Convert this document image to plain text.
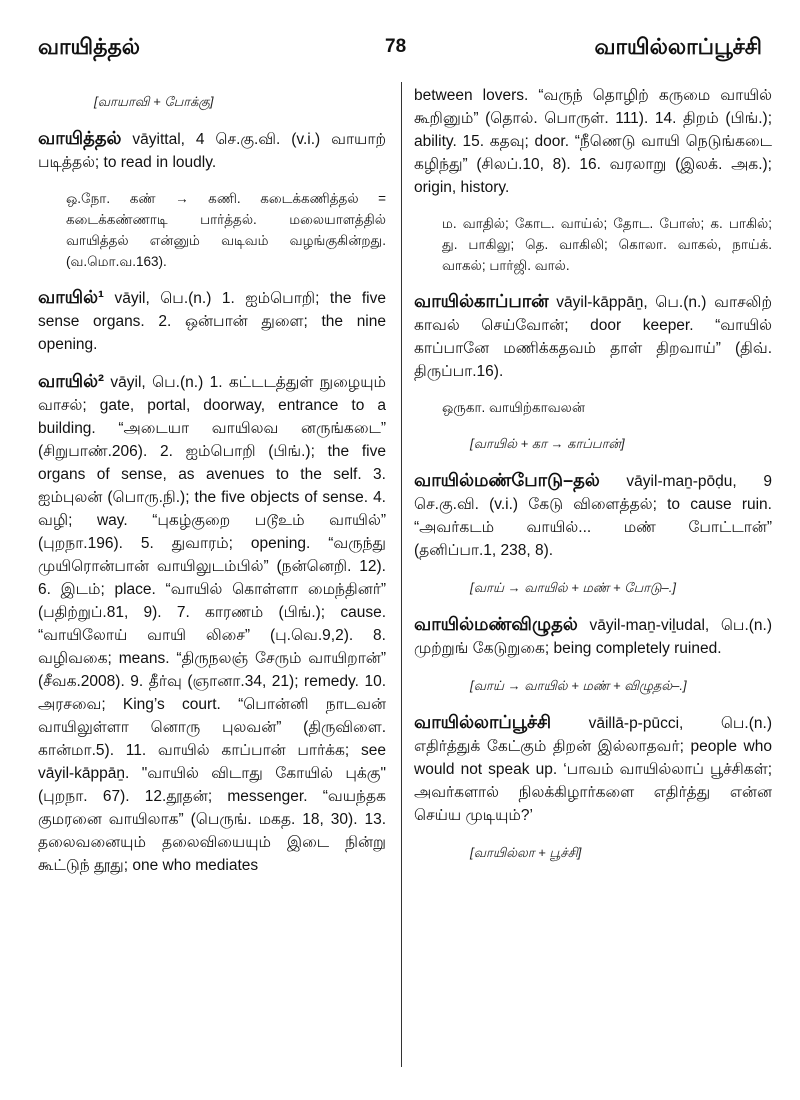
வாயித்தல்	78	வாயில்லாப்பூச்சி
[வாயாவி + போக்கு]
வாயித்தல் vāyittal, 4 செ.கு.வி. (v.i.) வாயாற் படித்தல்; to read in loudly.
ஒ.நோ. கண் → கணி. கடைக்கணித்தல் = கடைக்கண்ணாடி பார்த்தல். மலையாளத்தில் வாயித்தல் என்னும் வடிவம் வழங்குகின்றது. (வ.மொ.வ.163).
வாயில்¹ vāyil, பெ.(n.) 1. ஐம்பொறி; the five sense organs. 2. ஒன்பான் துளை; the nine opening.
வாயில்² vāyil, பெ.(n.) 1. கட்டடத்துள் நுழையும் வாசல்; gate, portal, doorway, entrance to a building. “அடையா வாயிலவ னருங்கடை” (சிறுபாண்.206). 2. ஐம்பொறி (பிங்.); the five organs of sense, as avenues to the self. 3. ஐம்புலன் (பொரு.நி.); the five objects of sense. 4. வழி; way. “புகழ்குறை படூஉம் வாயில்” (புறநா.196). 5. துவாரம்; opening. “வருந்து முயிரொன்பான் வாயிலுடம்பில்” (நன்னெறி. 12). 6. இடம்; place. “வாயில் கொள்ளா மைந்தினர்” (பதிற்றுப்.81, 9). 7. காரணம் (பிங்.); cause. “வாயிலோய் வாயி லிசை” (பு.வெ.9,2). 8. வழிவகை; means. “திருநலஞ் சேரும் வாயிறான்” (சீவக.2008). 9. தீர்வு (ஞானா.34, 21); remedy. 10. அரசவை; King’s court. “பொன்னி நாடவன் வாயிலுள்ளா னொரு புலவன்” (திருவிளை. கான்மா.5). 11. வாயில் காப்பான் பார்க்க; see vāyil-kāppāṉ. "வாயில் விடாது கோயில் புக்கு" (புறநா. 67). 12.தூதன்; messenger. “வயந்தக குமரனை வாயிலாக” (பெருங். மகத. 18, 30). 13. தலைவனையும் தலைவியையும் இடை நின்று கூட்டுந் தூது; one who mediates
between lovers. “வருந் தொழிற் கருமை வாயில் கூறினும்” (தொல். பொருள். 111). 14. திறம் (பிங்.); ability. 15. கதவு; door. “நீணெடு வாயி நெடுங்கடை கழிந்து” (சிலப்.10, 8). 16. வரலாறு (இலக். அக.); origin, history.
ம. வாதில்; கோட. வாய்ல்; தோட. போஸ்; க. பாகில்; து. பாகிலு; தெ. வாகிலி; கொலா. வாகல், நாய்க். வாகல்; பார்ஜி. வால்.
வாயில்காப்பான் vāyil-kāppāṉ, பெ.(n.) வாசலிற் காவல் செய்வோன்; door keeper. “வாயில் காப்பானே மணிக்கதவம் தாள் திறவாய்” (திவ். திருப்பா.16).
ஒருகா. வாயிற்காவலன்
[வாயில் + கா → காப்பான்]
வாயில்மண்போடு–தல் vāyil-maṉ-pōḍu, 9 செ.கு.வி. (v.i.) கேடு விளைத்தல்; to cause ruin. “அவர்கடம் வாயில்... மண் போட்டான்” (தனிப்பா.1, 238, 8).
[வாய் → வாயில் + மண் + போடு–.]
வாயில்மண்விழுதல் vāyil-maṉ-viḻudal, பெ.(n.) முற்றுங் கேடுறுகை; being completely ruined.
[வாய் → வாயில் + மண் + விழுதல்–.]
வாயில்லாப்பூச்சி vāillā-p-pūcci, பெ.(n.) எதிர்த்துக் கேட்கும் திறன் இல்லாதவர்; people who would not speak up. ‘பாவம் வாயில்லாப் பூச்சிகள்; அவர்களால் நிலக்கிழார்களை எதிர்த்து என்ன செய்ய முடியும்?’
[வாயில்லா + பூச்சி]
